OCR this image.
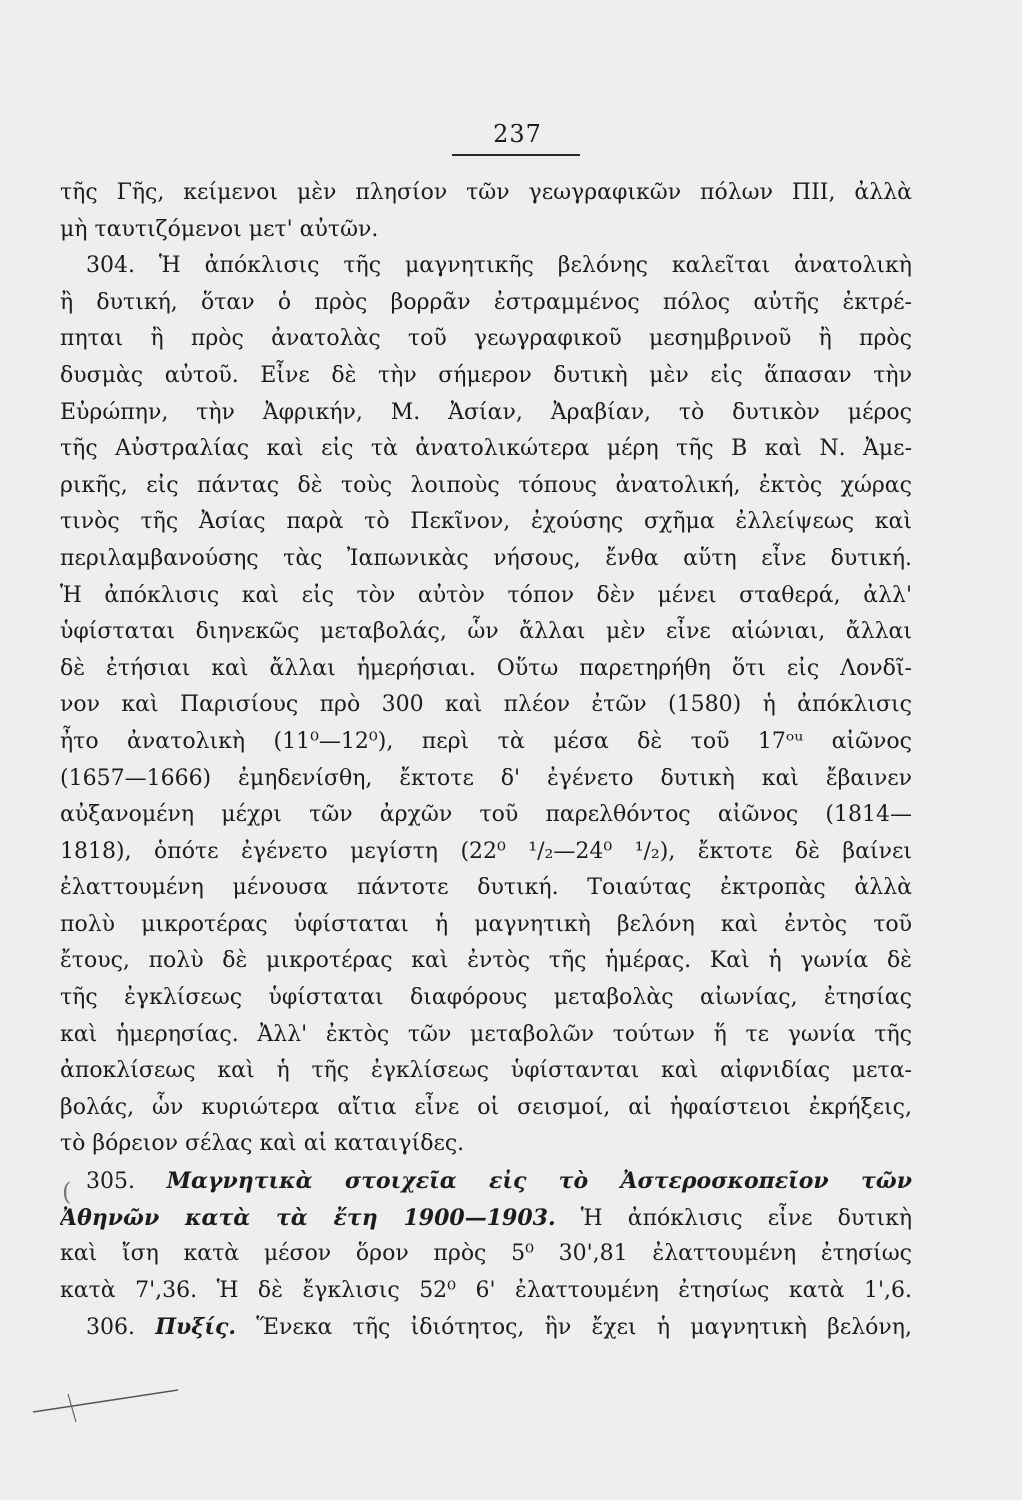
237
τῆς Γῆς, κείμενοι μὲν πλησίον τῶν γεωγραφικῶν πόλων ΠΙΙ, ἀλλὰ
μὴ ταυτιζόμενοι μετ' αὐτῶν.
304. Ἡ ἀπόκλισις τῆς μαγνητικῆς βελόνης καλεῖται ἀνατολικὴ
ἢ δυτική, ὅταν ὁ πρὸς βορρᾶν ἐστραμμένος πόλος αὐτῆς ἐκτρέ-
πηται ἢ πρὸς ἀνατολὰς τοῦ γεωγραφικοῦ μεσημβρινοῦ ἢ πρὸς
δυσμὰς αὐτοῦ. Εἶνε δὲ τὴν σήμερον δυτικὴ μὲν εἰς ἅπασαν τὴν
Εὐρώπην, τὴν Ἀφρικήν, Μ. Ἀσίαν, Ἀραβίαν, τὸ δυτικὸν μέρος
τῆς Αὐστραλίας καὶ εἰς τὰ ἀνατολικώτερα μέρη τῆς Β καὶ Ν. Ἀμε-
ρικῆς, εἰς πάντας δὲ τοὺς λοιποὺς τόπους ἀνατολική, ἐκτὸς χώρας
τινὸς τῆς Ἀσίας παρὰ τὸ Πεκῖνον, ἐχούσης σχῆμα ἐλλείψεως καὶ
περιλαμβανούσης τὰς Ἰαπωνικὰς νήσους, ἔνθα αὕτη εἶνε δυτική.
Ἡ ἀπόκλισις καὶ εἰς τὸν αὐτὸν τόπον δὲν μένει σταθερά, ἀλλ'
ὑφίσταται διηνεκῶς μεταβολάς, ὧν ἄλλαι μὲν εἶνε αἰώνιαι, ἄλλαι
δὲ ἐτήσιαι καὶ ἄλλαι ἡμερήσιαι. Οὕτω παρετηρήθη ὅτι εἰς Λονδῖ-
νον καὶ Παρισίους πρὸ 300 καὶ πλέον ἐτῶν (1580) ἡ ἀπόκλισις
ἦτο ἀνατολικὴ (11⁰—12⁰), περὶ τὰ μέσα δὲ τοῦ 17ᵒᵘ αἰῶνος
(1657—1666) ἐμηδενίσθη, ἔκτοτε δ' ἐγένετο δυτικὴ καὶ ἔβαινεν
αὐξανομένη μέχρι τῶν ἀρχῶν τοῦ παρελθόντος αἰῶνος (1814—
1818), ὁπότε ἐγένετο μεγίστη (22⁰ ¹/₂—24⁰ ¹/₂), ἔκτοτε δὲ βαίνει
ἐλαττουμένη μένουσα πάντοτε δυτική. Τοιαύτας ἐκτροπὰς ἀλλὰ
πολὺ μικροτέρας ὑφίσταται ἡ μαγνητικὴ βελόνη καὶ ἐντὸς τοῦ
ἔτους, πολὺ δὲ μικροτέρας καὶ ἐντὸς τῆς ἡμέρας. Καὶ ἡ γωνία δὲ
τῆς ἐγκλίσεως ὑφίσταται διαφόρους μεταβολὰς αἰωνίας, ἐτησίας
καὶ ἡμερησίας. Ἀλλ' ἐκτὸς τῶν μεταβολῶν τούτων ἥ τε γωνία τῆς
ἀποκλίσεως καὶ ἡ τῆς ἐγκλίσεως ὑφίστανται καὶ αἰφνιδίας μετα-
βολάς, ὧν κυριώτερα αἴτια εἶνε οἱ σεισμοί, αἱ ἡφαίστειοι ἐκρήξεις,
τὸ βόρειον σέλας καὶ αἱ καταιγίδες.
305. Μαγνητικὰ στοιχεῖα εἰς τὸ Ἀστεροσκοπεῖον τῶν
Ἀθηνῶν κατὰ τὰ ἔτη 1900—1903. Ἡ ἀπόκλισις εἶνε δυτικὴ
καὶ ἴση κατὰ μέσον ὅρον πρὸς 5⁰ 30',81 ἐλαττουμένη ἐτησίως
κατὰ 7',36. Ἡ δὲ ἔγκλισις 52⁰ 6' ἐλαττουμένη ἐτησίως κατὰ 1',6.
306. Πυξίς. Ἕνεκα τῆς ἰδιότητος, ἣν ἔχει ἡ μαγνητικὴ βελόνη,
(
